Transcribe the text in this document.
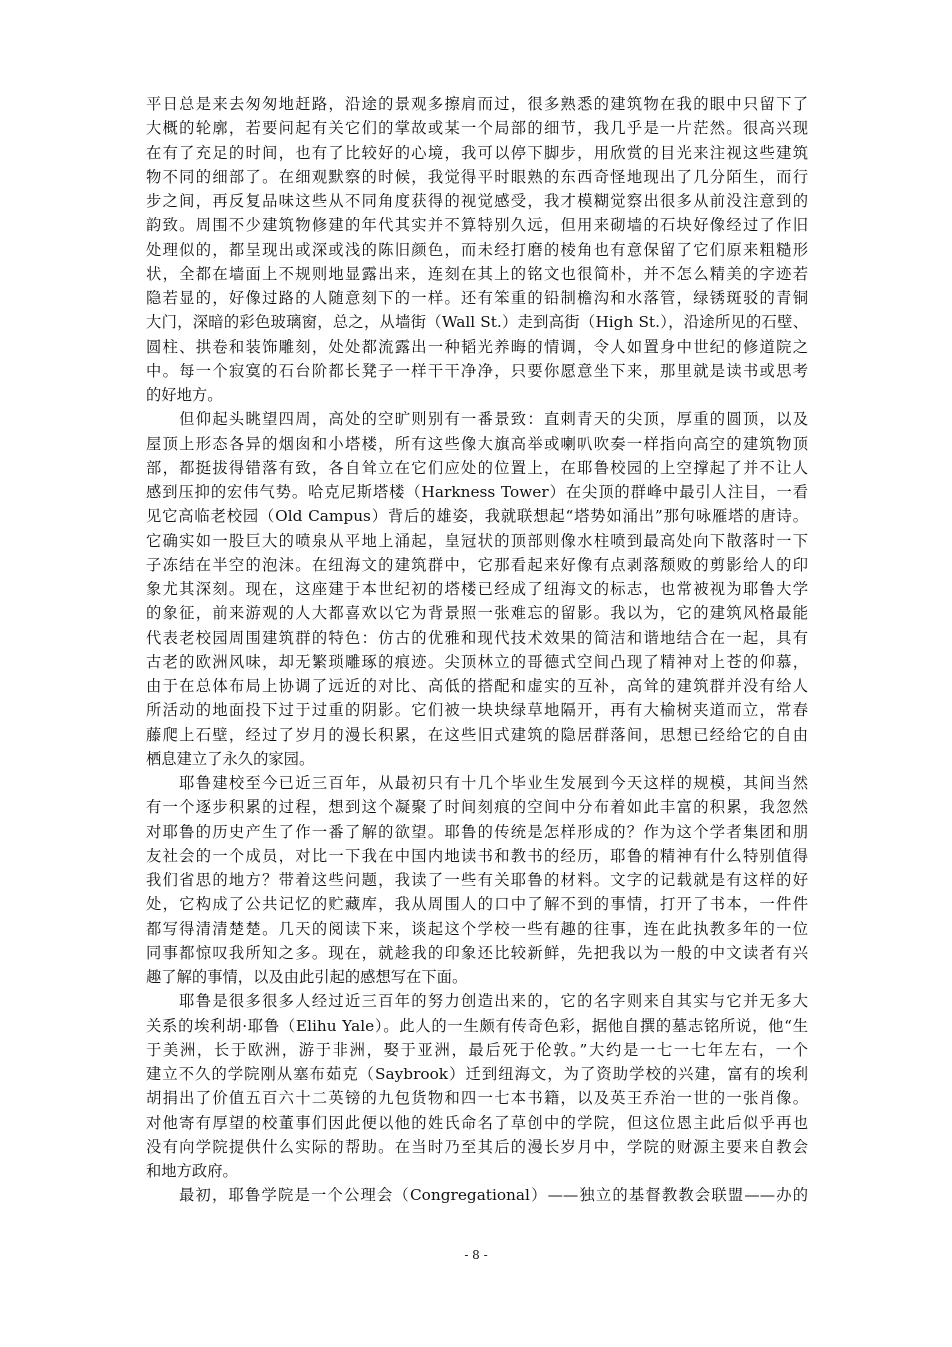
平日总是来去匆匆地赶路，沿途的景观多擦肩而过，很多熟悉的建筑物在我的眼中只留下了
大概的轮廓，若要问起有关它们的掌故或某一个局部的细节，我几乎是一片茫然。很高兴现
在有了充足的时间，也有了比较好的心境，我可以停下脚步，用欣赏的目光来注视这些建筑
物不同的细部了。在细观默察的时候，我觉得平时眼熟的东西奇怪地现出了几分陌生，而行
步之间，再反复品味这些从不同角度获得的视觉感受，我才模糊觉察出很多从前没注意到的
韵致。周围不少建筑物修建的年代其实并不算特别久远，但用来砌墙的石块好像经过了作旧
处理似的，都呈现出或深或浅的陈旧颜色，而未经打磨的棱角也有意保留了它们原来粗糙形
状，全都在墙面上不规则地显露出来，连刻在其上的铭文也很简朴，并不怎么精美的字迹若
隐若显的，好像过路的人随意刻下的一样。还有笨重的铅制檐沟和水落管，绿锈斑驳的青铜
大门，深暗的彩色玻璃窗，总之，从墙街（Wall St.）走到高街（High St.），沿途所见的石壁、
圆柱、拱卷和装饰雕刻，处处都流露出一种韬光养晦的情调，令人如置身中世纪的修道院之
中。每一个寂寞的石台阶都长凳子一样干干净净，只要你愿意坐下来，那里就是读书或思考
的好地方。
　　但仰起头眺望四周，高处的空旷则别有一番景致：直刺青天的尖顶，厚重的圆顶，以及
屋顶上形态各异的烟囱和小塔楼，所有这些像大旗高举或喇叭吹奏一样指向高空的建筑物顶
部，都挺拔得错落有致，各自耸立在它们应处的位置上，在耶鲁校园的上空撑起了并不让人
感到压抑的宏伟气势。哈克尼斯塔楼（Harkness Tower）在尖顶的群峰中最引人注目，一看
见它高临老校园（Old Campus）背后的雄姿，我就联想起“塔势如涌出”那句咏雁塔的唐诗。
它确实如一股巨大的喷泉从平地上涌起，皇冠状的顶部则像水柱喷到最高处向下散落时一下
子冻结在半空的泡沫。在纽海文的建筑群中，它那看起来好像有点剥落颓败的剪影给人的印
象尤其深刻。现在，这座建于本世纪初的塔楼已经成了纽海文的标志，也常被视为耶鲁大学
的象征，前来游观的人大都喜欢以它为背景照一张难忘的留影。我以为，它的建筑风格最能
代表老校园周围建筑群的特色：仿古的优雅和现代技术效果的简洁和谐地结合在一起，具有
古老的欧洲风味，却无繁琐雕琢的痕迹。尖顶林立的哥德式空间凸现了精神对上苍的仰慕，
由于在总体布局上协调了远近的对比、高低的搭配和虚实的互补，高耸的建筑群并没有给人
所活动的地面投下过于过重的阴影。它们被一块块绿草地隔开，再有大榆树夹道而立，常春
藤爬上石壁，经过了岁月的漫长积累，在这些旧式建筑的隐居群落间，思想已经给它的自由
栖息建立了永久的家园。
　　耶鲁建校至今已近三百年，从最初只有十几个毕业生发展到今天这样的规模，其间当然
有一个逐步积累的过程，想到这个凝聚了时间刻痕的空间中分布着如此丰富的积累，我忽然
对耶鲁的历史产生了作一番了解的欲望。耶鲁的传统是怎样形成的？作为这个学者集团和朋
友社会的一个成员，对比一下我在中国内地读书和教书的经历，耶鲁的精神有什么特别值得
我们省思的地方？带着这些问题，我读了一些有关耶鲁的材料。文字的记载就是有这样的好
处，它构成了公共记忆的贮藏库，我从周围人的口中了解不到的事情，打开了书本，一件件
都写得清清楚楚。几天的阅读下来，谈起这个学校一些有趣的往事，连在此执教多年的一位
同事都惊叹我所知之多。现在，就趁我的印象还比较新鲜，先把我以为一般的中文读者有兴
趣了解的事情，以及由此引起的感想写在下面。
　　耶鲁是很多很多人经过近三百年的努力创造出来的，它的名字则来自其实与它并无多大
关系的埃利胡·耶鲁（Elihu Yale）。此人的一生颇有传奇色彩，据他自撰的墓志铭所说，他“生
于美洲，长于欧洲，游于非洲，娶于亚洲，最后死于伦敦。”大约是一七一七年左右，一个
建立不久的学院刚从塞布茹克（Saybrook）迁到纽海文，为了资助学校的兴建，富有的埃利
胡捐出了价值五百六十二英镑的九包货物和四一七本书籍，以及英王乔治一世的一张肖像。
对他寄有厚望的校董事们因此便以他的姓氏命名了草创中的学院，但这位恩主此后似乎再也
没有向学院提供什么实际的帮助。在当时乃至其后的漫长岁月中，学院的财源主要来自教会
和地方政府。
　　最初，耶鲁学院是一个公理会（Congregational）——独立的基督教教会联盟——办的
- 8 -
